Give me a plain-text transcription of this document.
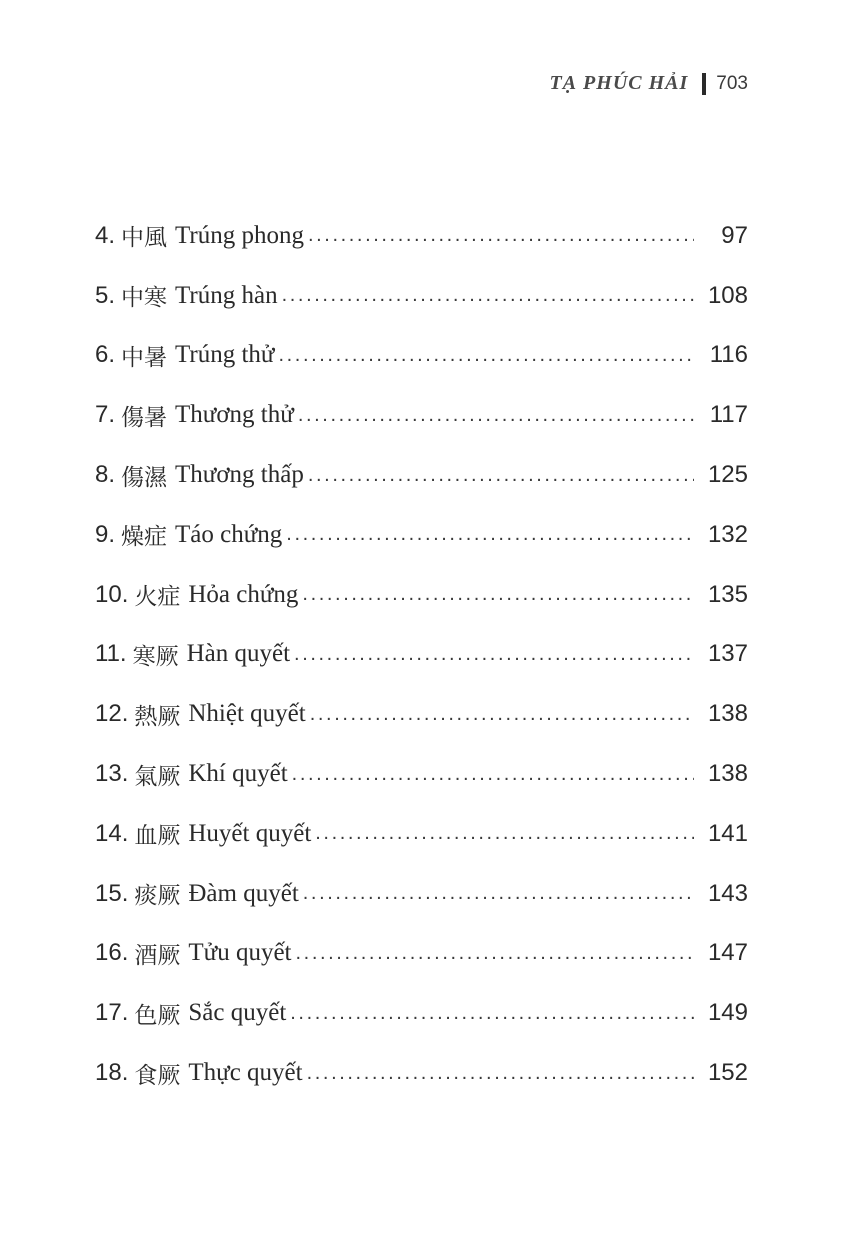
TẠ PHÚC HẢI 703
4. 中風 Trúng phong .....	97
5. 中寒 Trúng hàn .....	108
6. 中暑 Trúng thử .....	116
7. 傷暑 Thương thử .....	117
8. 傷濕 Thương thấp .....	125
9. 燥症 Táo chứng .....	132
10. 火症 Hỏa chứng .....	135
11. 寒厥 Hàn quyết .....	137
12. 熱厥 Nhiệt quyết .....	138
13. 氣厥 Khí quyết .....	138
14. 血厥 Huyết quyết .....	141
15. 痰厥 Đàm quyết .....	143
16. 酒厥 Tửu quyết .....	147
17. 色厥 Sắc quyết .....	149
18. 食厥 Thực quyết .....	152
